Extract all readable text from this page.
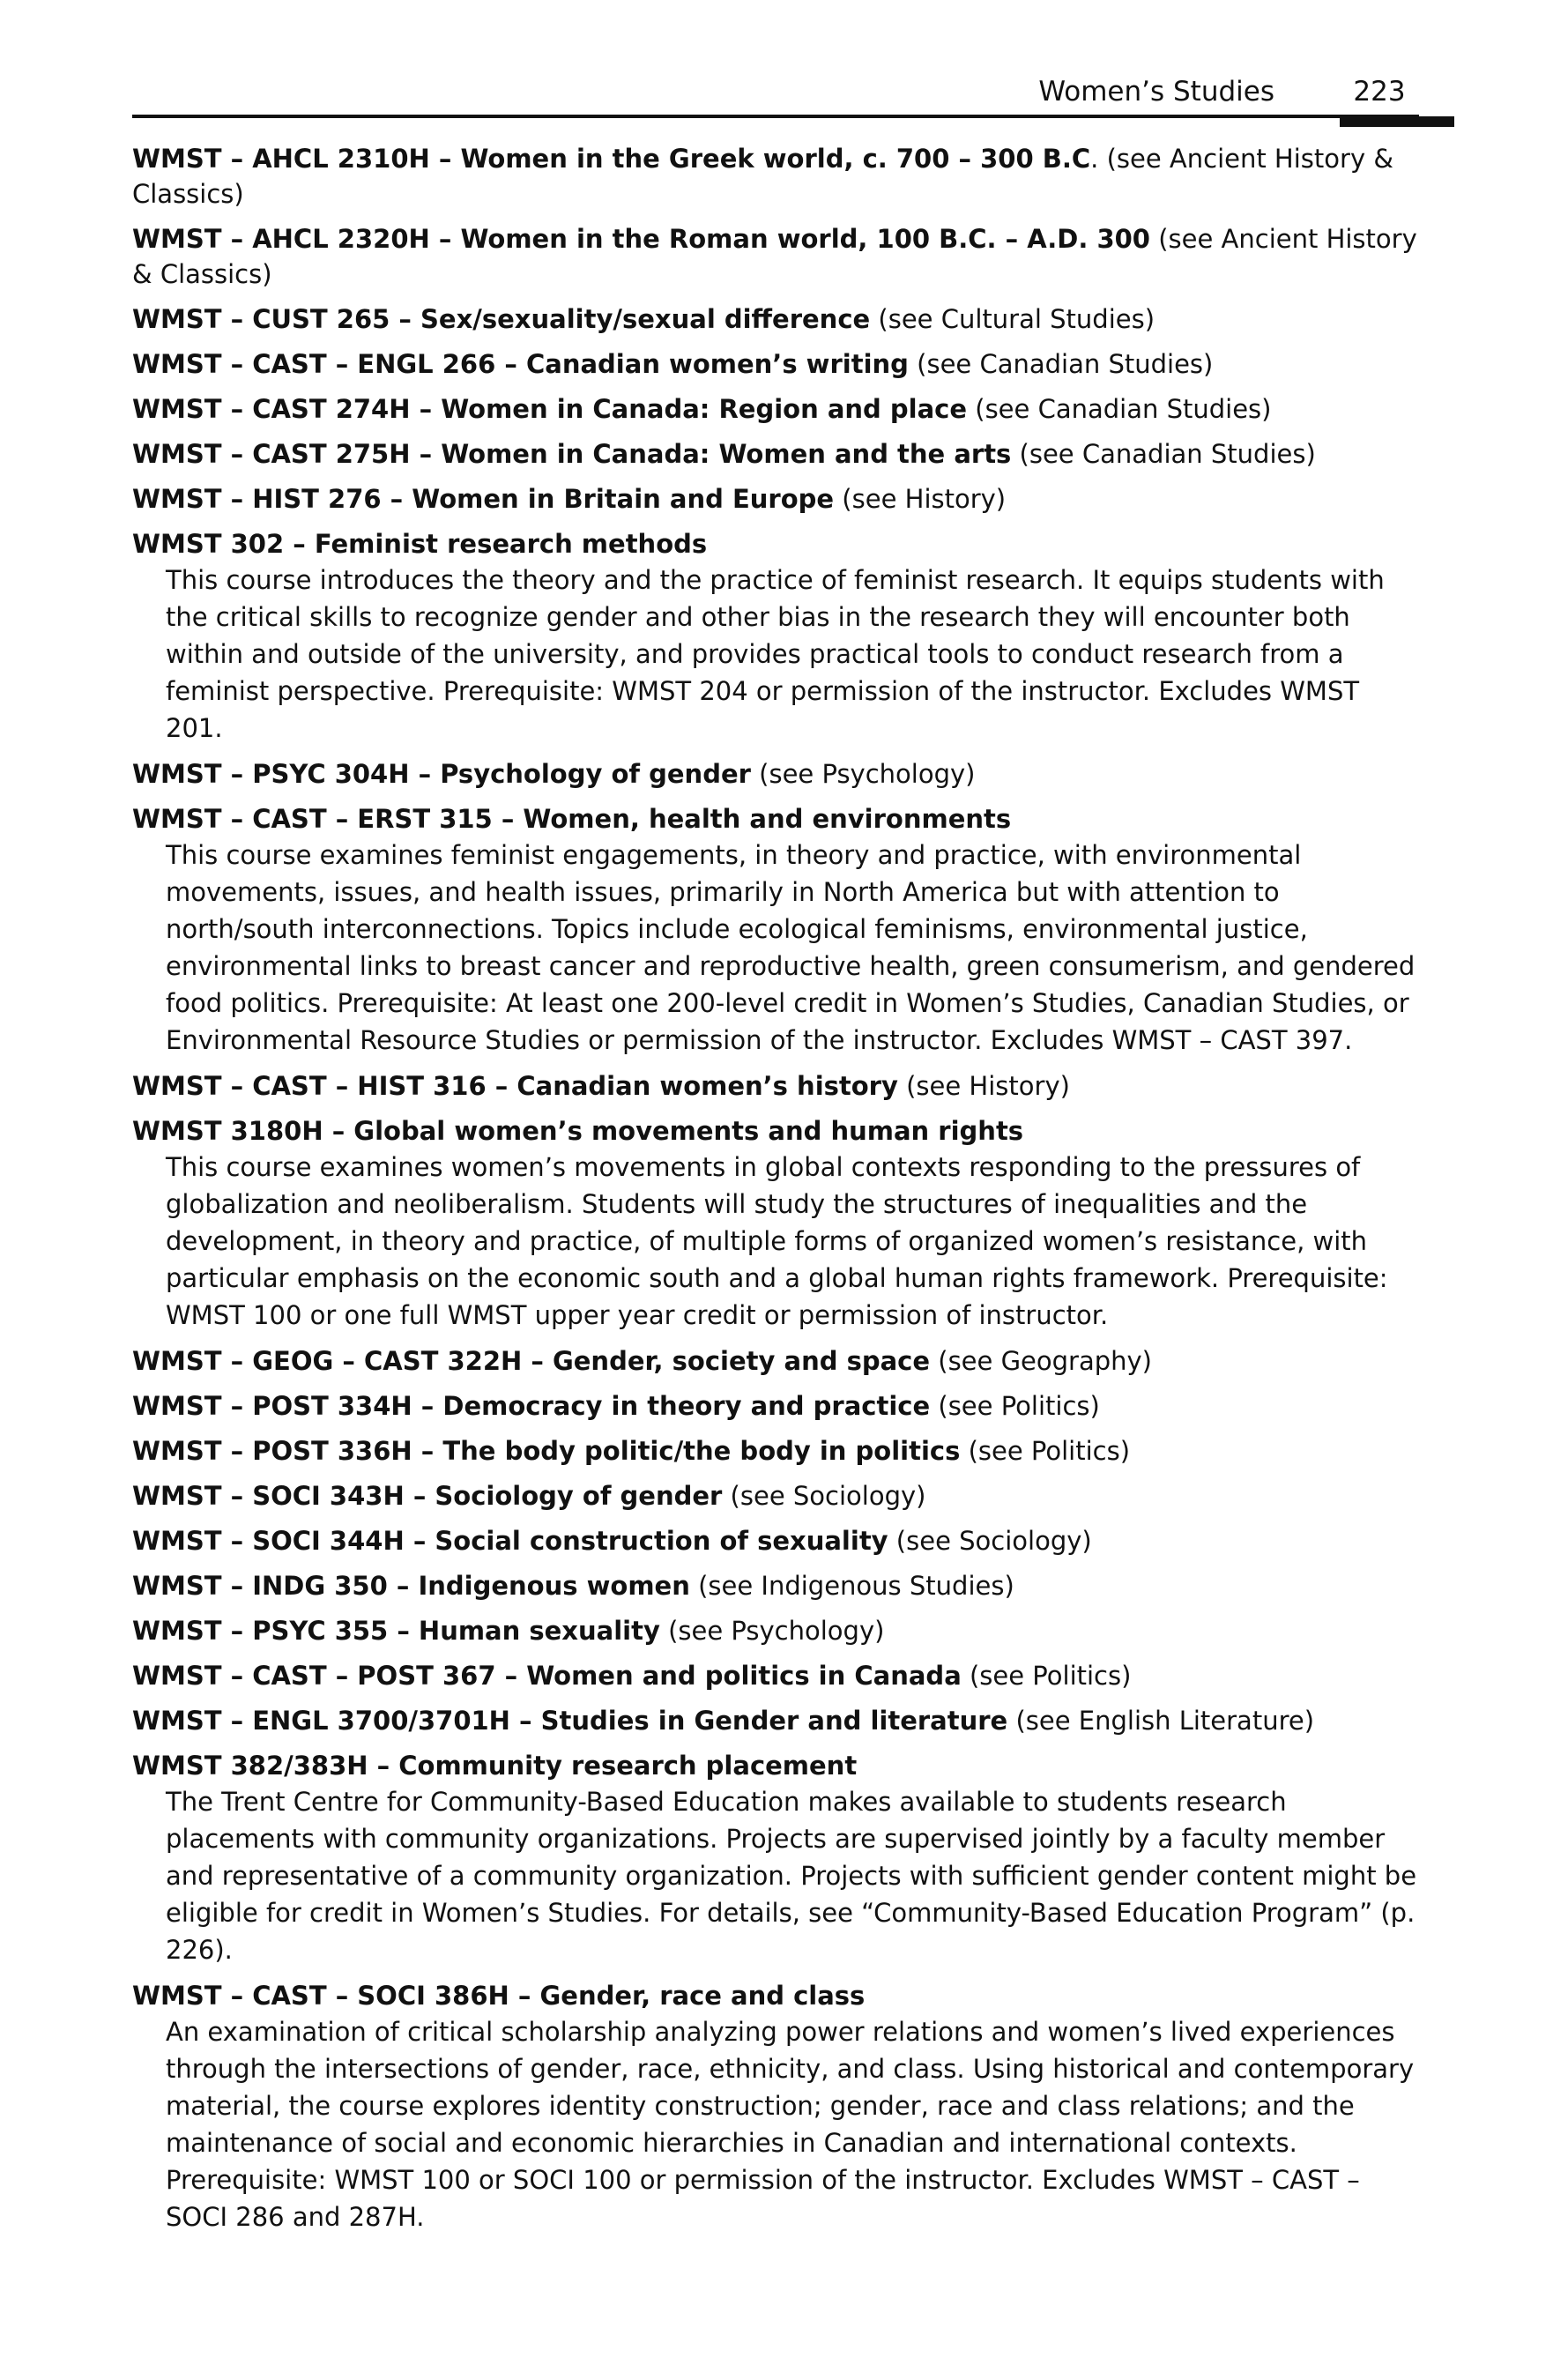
Women’s Studies	223
WMST – AHCL 2310H – Women in the Greek world, c. 700 – 300 B.C. (see Ancient History & Classics)
WMST – AHCL 2320H – Women in the Roman world, 100 B.C. – A.D. 300 (see Ancient History & Classics)
WMST – CUST 265 – Sex/sexuality/sexual difference (see Cultural Studies)
WMST – CAST – ENGL 266 – Canadian women’s writing (see Canadian Studies)
WMST – CAST 274H – Women in Canada: Region and place (see Canadian Studies)
WMST – CAST 275H – Women in Canada: Women and the arts (see Canadian Studies)
WMST – HIST 276 – Women in Britain and Europe (see History)
WMST 302 – Feminist research methods
This course introduces the theory and the practice of feminist research. It equips students with the critical skills to recognize gender and other bias in the research they will encounter both within and outside of the university, and provides practical tools to conduct research from a feminist perspective. Prerequisite: WMST 204 or permission of the instructor. Excludes WMST 201.
WMST – PSYC 304H – Psychology of gender (see Psychology)
WMST – CAST – ERST 315 – Women, health and environments
This course examines feminist engagements, in theory and practice, with environmental movements, issues, and health issues, primarily in North America but with attention to north/south interconnections. Topics include ecological feminisms, environmental justice, environmental links to breast cancer and reproductive health, green consumerism, and gendered food politics. Prerequisite: At least one 200-level credit in Women’s Studies, Canadian Studies, or Environmental Resource Studies or permission of the instructor. Excludes WMST – CAST 397.
WMST – CAST – HIST 316 – Canadian women’s history (see History)
WMST 3180H – Global women’s movements and human rights
This course examines women’s movements in global contexts responding to the pressures of globalization and neoliberalism. Students will study the structures of inequalities and the development, in theory and practice, of multiple forms of organized women’s resistance, with particular emphasis on the economic south and a global human rights framework. Prerequisite: WMST 100 or one full WMST upper year credit or permission of instructor.
WMST – GEOG – CAST 322H – Gender, society and space (see Geography)
WMST – POST 334H – Democracy in theory and practice (see Politics)
WMST – POST 336H – The body politic/the body in politics (see Politics)
WMST – SOCI 343H – Sociology of gender (see Sociology)
WMST – SOCI 344H – Social construction of sexuality (see Sociology)
WMST – INDG 350 – Indigenous women (see Indigenous Studies)
WMST – PSYC 355 – Human sexuality (see Psychology)
WMST – CAST – POST 367 – Women and politics in Canada (see Politics)
WMST – ENGL 3700/3701H – Studies in Gender and literature (see English Literature)
WMST 382/383H – Community research placement
The Trent Centre for Community-Based Education makes available to students research placements with community organizations. Projects are supervised jointly by a faculty member and representative of a community organization. Projects with sufficient gender content might be eligible for credit in Women’s Studies. For details, see “Community-Based Education Program” (p. 226).
WMST – CAST – SOCI 386H – Gender, race and class
An examination of critical scholarship analyzing power relations and women’s lived experiences through the intersections of gender, race, ethnicity, and class. Using historical and contemporary material, the course explores identity construction; gender, race and class relations; and the maintenance of social and economic hierarchies in Canadian and international contexts. Prerequisite: WMST 100 or SOCI 100 or permission of the instructor. Excludes WMST – CAST – SOCI 286 and 287H.
